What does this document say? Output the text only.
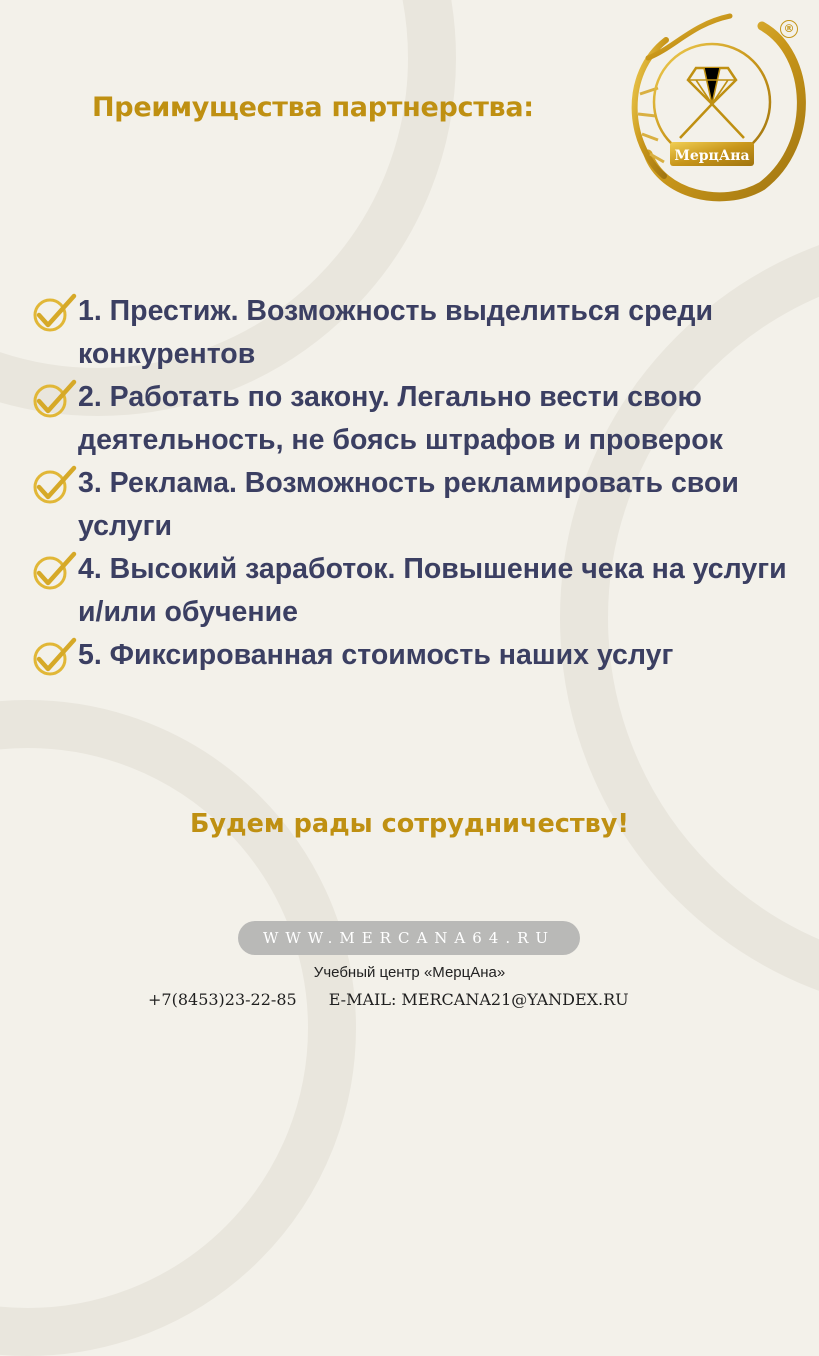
Преимущества партнерства:
МерцАна
®
1. Престиж. Возможность выделиться среди конкурентов
2. Работать по закону. Легально вести свою деятельность, не боясь штрафов и проверок
3. Реклама. Возможность рекламировать свои услуги
4. Высокий заработок. Повышение чека на услуги и/или обучение
5. Фиксированная стоимость наших услуг
Будем рады сотрудничеству!
WWW.MERCANA64.RU
Учебный центр «МерцАна»
+7(8453)23-22-85 E-MAIL: MERCANA21@YANDEX.RU
